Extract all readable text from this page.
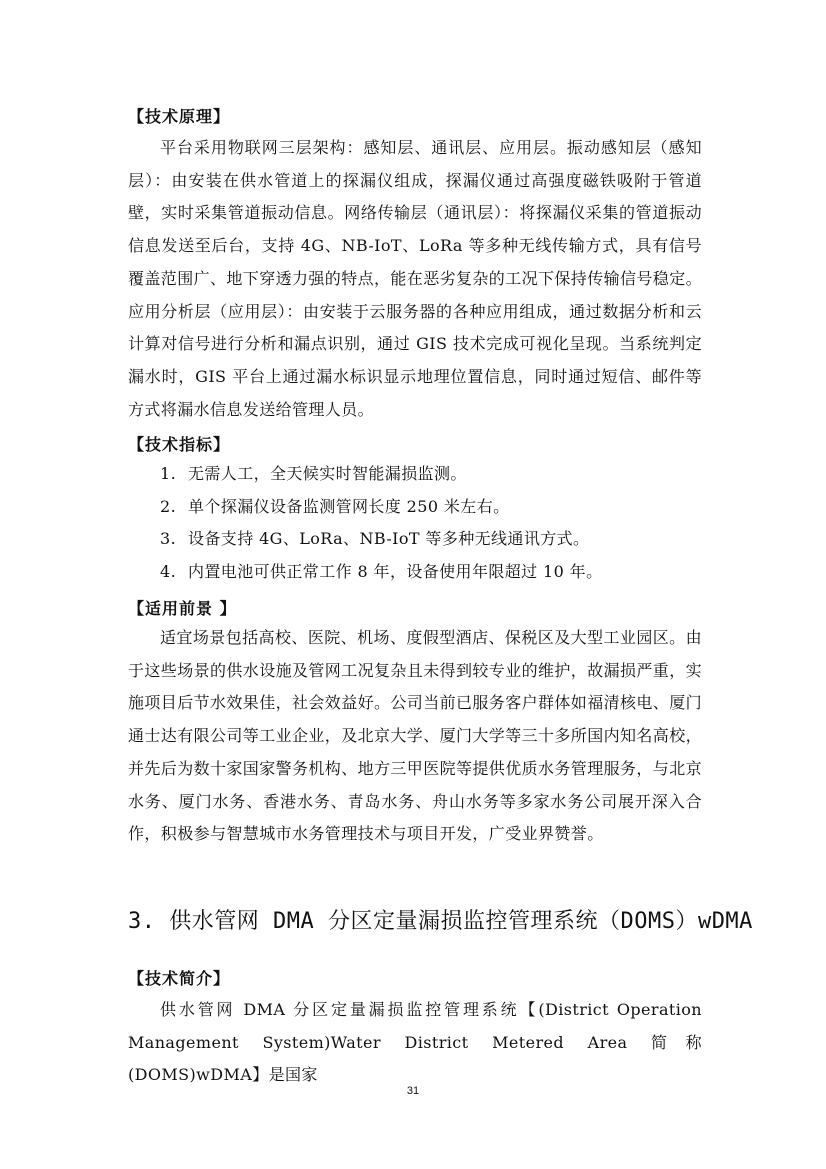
【技术原理】

平台采用物联网三层架构：感知层、通讯层、应用层。振动感知层（感知层）：由安装在供水管道上的探漏仪组成，探漏仪通过高强度磁铁吸附于管道壁，实时采集管道振动信息。网络传输层（通讯层）：将探漏仪采集的管道振动信息发送至后台，支持 4G、NB-IoT、LoRa 等多种无线传输方式，具有信号覆盖范围广、地下穿透力强的特点，能在恶劣复杂的工况下保持传输信号稳定。应用分析层（应用层）：由安装于云服务器的各种应用组成，通过数据分析和云计算对信号进行分析和漏点识别，通过 GIS 技术完成可视化呈现。当系统判定漏水时，GIS 平台上通过漏水标识显示地理位置信息，同时通过短信、邮件等方式将漏水信息发送给管理人员。

【技术指标】

1. 无需人工，全天候实时智能漏损监测。
2. 单个探漏仪设备监测管网长度 250 米左右。
3. 设备支持 4G、LoRa、NB-IoT 等多种无线通讯方式。
4. 内置电池可供正常工作 8 年，设备使用年限超过 10 年。

【适用前景 】

适宜场景包括高校、医院、机场、度假型酒店、保税区及大型工业园区。由于这些场景的供水设施及管网工况复杂且未得到较专业的维护，故漏损严重，实施项目后节水效果佳，社会效益好。公司当前已服务客户群体如福清核电、厦门通士达有限公司等工业企业，及北京大学、厦门大学等三十多所国内知名高校，并先后为数十家国家警务机构、地方三甲医院等提供优质水务管理服务，与北京水务、厦门水务、香港水务、青岛水务、舟山水务等多家水务公司展开深入合作，积极参与智慧城市水务管理技术与项目开发，广受业界赞誉。

3. 供水管网 DMA 分区定量漏损监控管理系统（DOMS）wDMA

【技术简介】

供水管网 DMA 分区定量漏损监控管理系统【(District Operation Management System)Water District Metered Area 简称(DOMS)wDMA】是国家

31
